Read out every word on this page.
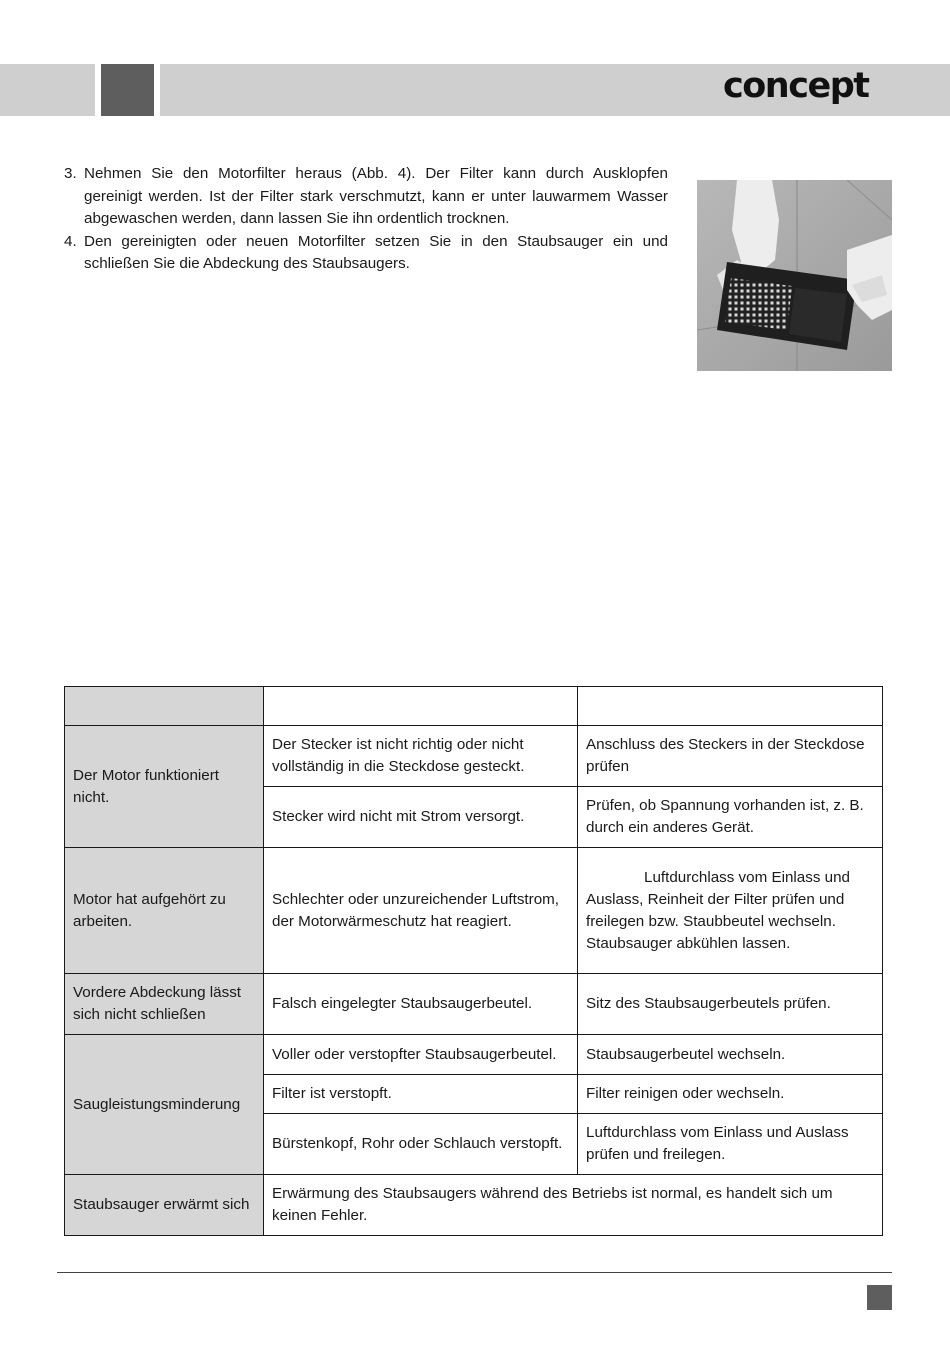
concept
3. Nehmen Sie den Motorfilter heraus (Abb. 4). Der Filter kann durch Ausklopfen gereinigt werden. Ist der Filter stark verschmutzt, kann er unter lauwarmem Wasser abgewaschen werden, dann lassen Sie ihn ordentlich trocknen.
4. Den gereinigten oder neuen Motorfilter setzen Sie in den Staubsauger ein und schließen Sie die Abdeckung des Staubsaugers.

Der Motor funktioniert nicht.	Der Stecker ist nicht richtig oder nicht vollständig in die Steckdose gesteckt.	Anschluss des Steckers in der Steckdose prüfen
	Stecker wird nicht mit Strom versorgt.	Prüfen, ob Spannung vorhanden ist, z. B. durch ein anderes Gerät.
Motor hat aufgehört zu arbeiten.	Schlechter oder unzureichender Luftstrom, der Motorwärmeschutz hat reagiert.	Luftdurchlass vom Einlass und Auslass, Reinheit der Filter prüfen und freilegen bzw. Staubbeutel wechseln. Staubsauger abkühlen lassen.
Vordere Abdeckung lässt sich nicht schließen	Falsch eingelegter Staubsaugerbeutel.	Sitz des Staubsaugerbeutels prüfen.
Saugleistungsminderung	Voller oder verstopfter Staubsaugerbeutel.	Staubsaugerbeutel wechseln.
	Filter ist verstopft.	Filter reinigen oder wechseln.
	Bürstenkopf, Rohr oder Schlauch verstopft.	Luftdurchlass vom Einlass und Auslass prüfen und freilegen.
Staubsauger erwärmt sich	Erwärmung des Staubsaugers während des Betriebs ist normal, es handelt sich um keinen Fehler.	
